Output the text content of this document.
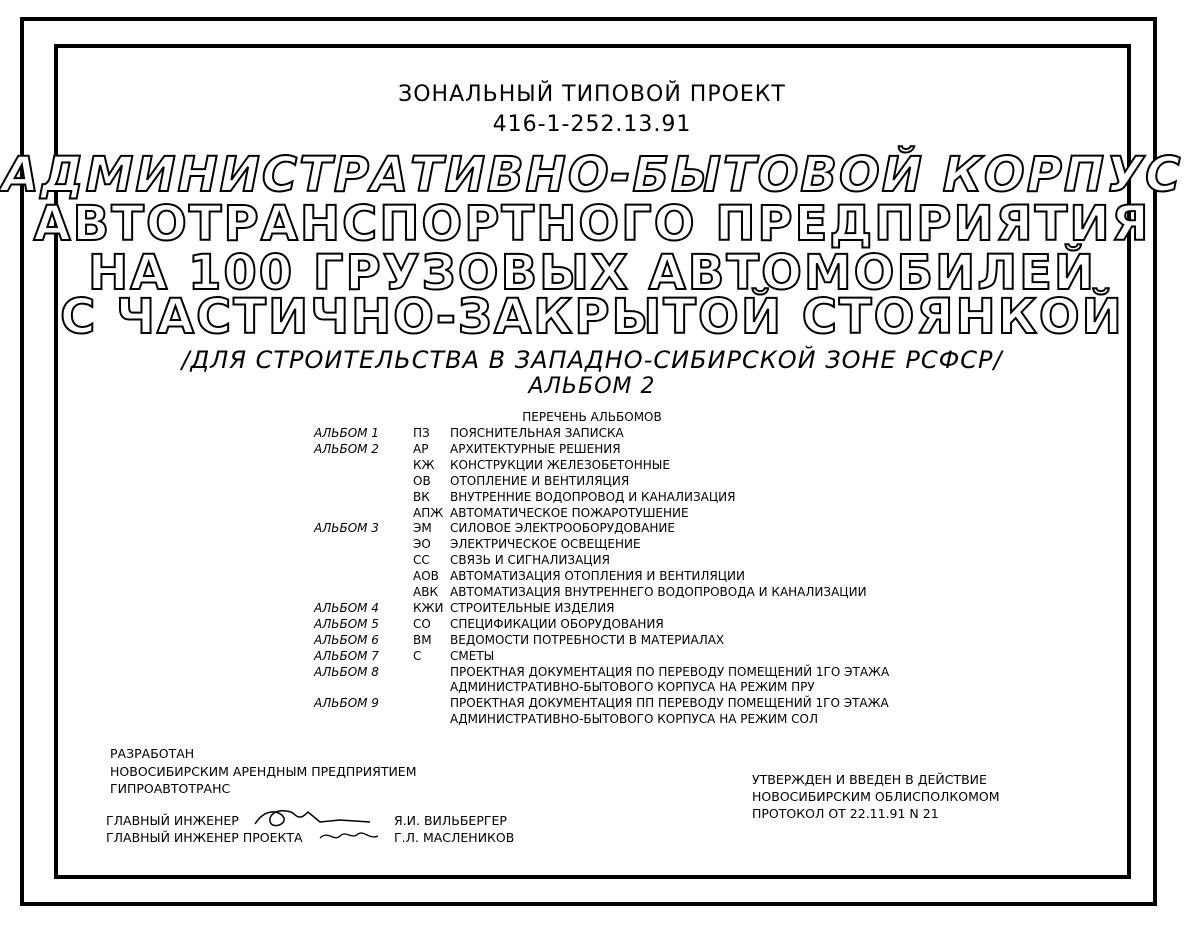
ЗОНАЛЬНЫЙ ТИПОВОЙ ПРОЕКТ
416-1-252.13.91
АДМИНИСТРАТИВНО-БЫТОВОЙ КОРПУС
АВТОТРАНСПОРТНОГО ПРЕДПРИЯТИЯ
НА 100 ГРУЗОВЫХ АВТОМОБИЛЕЙ
С ЧАСТИЧНО-ЗАКРЫТОЙ СТОЯНКОЙ
/ДЛЯ СТРОИТЕЛЬСТВА В ЗАПАДНО-СИБИРСКОЙ ЗОНЕ РСФСР/
АЛЬБОМ 2
ПЕРЕЧЕНЬ АЛЬБОМОВ
АЛЬБОМ 1	ПЗ	ПОЯСНИТЕЛЬНАЯ ЗАПИСКА
АЛЬБОМ 2	АР	АРХИТЕКТУРНЫЕ РЕШЕНИЯ
КЖ	КОНСТРУКЦИИ ЖЕЛЕЗОБЕТОННЫЕ
ОВ	ОТОПЛЕНИЕ И ВЕНТИЛЯЦИЯ
ВК	ВНУТРЕННИЕ ВОДОПРОВОД И КАНАЛИЗАЦИЯ
АПЖ АВТОМАТИЧЕСКОЕ ПОЖАРОТУШЕНИЕ
АЛЬБОМ 3	ЭМ	СИЛОВОЕ ЭЛЕКТРООБОРУДОВАНИЕ
ЭО	ЭЛЕКТРИЧЕСКОЕ ОСВЕЩЕНИЕ
СС	СВЯЗЬ И СИГНАЛИЗАЦИЯ
АОВ АВТОМАТИЗАЦИЯ ОТОПЛЕНИЯ И ВЕНТИЛЯЦИИ
АВК	АВТОМАТИЗАЦИЯ ВНУТРЕННЕГО ВОДОПРОВОДА И КАНАЛИЗАЦИИ
АЛЬБОМ 4	КЖИ СТРОИТЕЛЬНЫЕ ИЗДЕЛИЯ
АЛЬБОМ 5	СО	СПЕЦИФИКАЦИИ ОБОРУДОВАНИЯ
АЛЬБОМ 6	ВМ	ВЕДОМОСТИ ПОТРЕБНОСТИ В МАТЕРИАЛАХ
АЛЬБОМ 7	С	СМЕТЫ
АЛЬБОМ 8	ПРОЕКТНАЯ ДОКУМЕНТАЦИЯ ПО ПЕРЕВОДУ ПОМЕЩЕНИЙ 1ГО ЭТАЖА
АДМИНИСТРАТИВНО-БЫТОВОГО КОРПУСА НА РЕЖИМ ПРУ
АЛЬБОМ 9	ПРОЕКТНАЯ ДОКУМЕНТАЦИЯ ПП ПЕРЕВОДУ ПОМЕЩЕНИЙ 1ГО ЭТАЖА
АДМИНИСТРАТИВНО-БЫТОВОГО КОРПУСА НА РЕЖИМ СОЛ
РАЗРАБОТАН
НОВОСИБИРСКИМ АРЕНДНЫМ ПРЕДПРИЯТИЕМ
ГИПРОАВТОТРАНС
ГЛАВНЫЙ ИНЖЕНЕР
ГЛАВНЫЙ ИНЖЕНЕР ПРОЕКТА
Я.И. ВИЛЬБЕРГЕР
Г.Л. МАСЛЕНИКОВ
УТВЕРЖДЕН И ВВЕДЕН В ДЕЙСТВИЕ
НОВОСИБИРСКИМ ОБЛИСПОЛКОМОМ
ПРОТОКОЛ ОТ 22.11.91 N 21
